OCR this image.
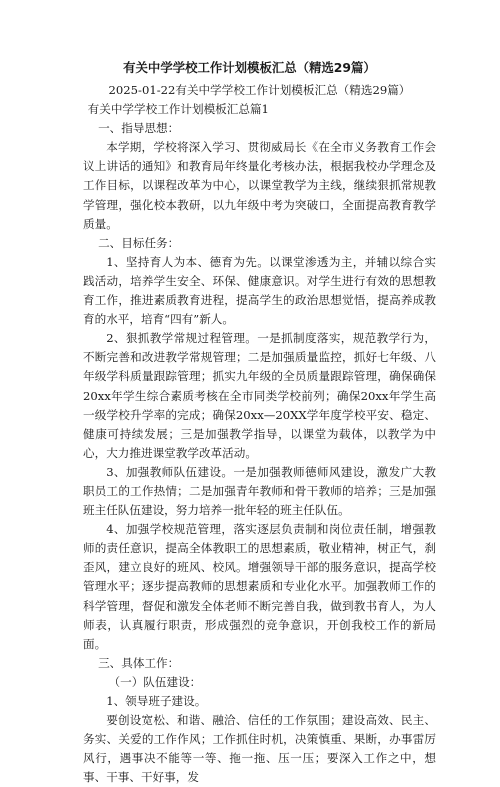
有关中学学校工作计划模板汇总（精选29篇）

2025-01-22有关中学学校工作计划模板汇总（精选29篇）

有关中学学校工作计划模板汇总篇1

一、指导思想：

本学期，学校将深入学习、贯彻威局长《在全市义务教育工作会议上讲话的通知》和教育局年终量化考核办法，根据我校办学理念及工作目标，以课程改革为中心，以课堂教学为主线，继续狠抓常规教学管理，强化校本教研，以九年级中考为突破口，全面提高教育教学质量。

二、目标任务：

1、坚持育人为本、德育为先。以课堂渗透为主，并辅以综合实践活动，培养学生安全、环保、健康意识。对学生进行有效的思想教育工作，推进素质教育进程，提高学生的政治思想觉悟，提高养成教育的水平，培育“四有”新人。

2、狠抓教学常规过程管理。一是抓制度落实，规范教学行为，不断完善和改进教学常规管理；二是加强质量监控，抓好七年级、八年级学科质量跟踪管理；抓实九年级的全员质量跟踪管理，确保确保20xx年学生综合素质考核在全市同类学校前列；确保20xx年学生高一级学校升学率的完成；确保20xx—20XX学年度学校平安、稳定、健康可持续发展；三是加强教学指导，以课堂为载体，以教学为中心，大力推进课堂教学改革活动。

3、加强教师队伍建设。一是加强教师德师风建设，激发广大教职员工的工作热情；二是加强青年教师和骨干教师的培养；三是加强班主任队伍建设，努力培养一批年轻的班主任队伍。

4、加强学校规范管理，落实逐层负责制和岗位责任制，增强教师的责任意识，提高全体教职工的思想素质，敬业精神，树正气，刹歪风，建立良好的班风、校风。增强领导干部的服务意识，提高学校管理水平；逐步提高教师的思想素质和专业化水平。加强教师工作的科学管理，督促和激发全体老师不断完善自我，做到教书育人，为人师表，认真履行职责，形成强烈的竞争意识，开创我校工作的新局面。

三、具体工作：

（一）队伍建设：

1、领导班子建设。

要创设宽松、和谐、融洽、信任的工作氛围；建设高效、民主、务实、关爱的工作作风；工作抓住时机，决策慎重、果断，办事雷厉风行，遇事决不能等一等、拖一拖、压一压；要深入工作之中，想事、干事、干好事，发
